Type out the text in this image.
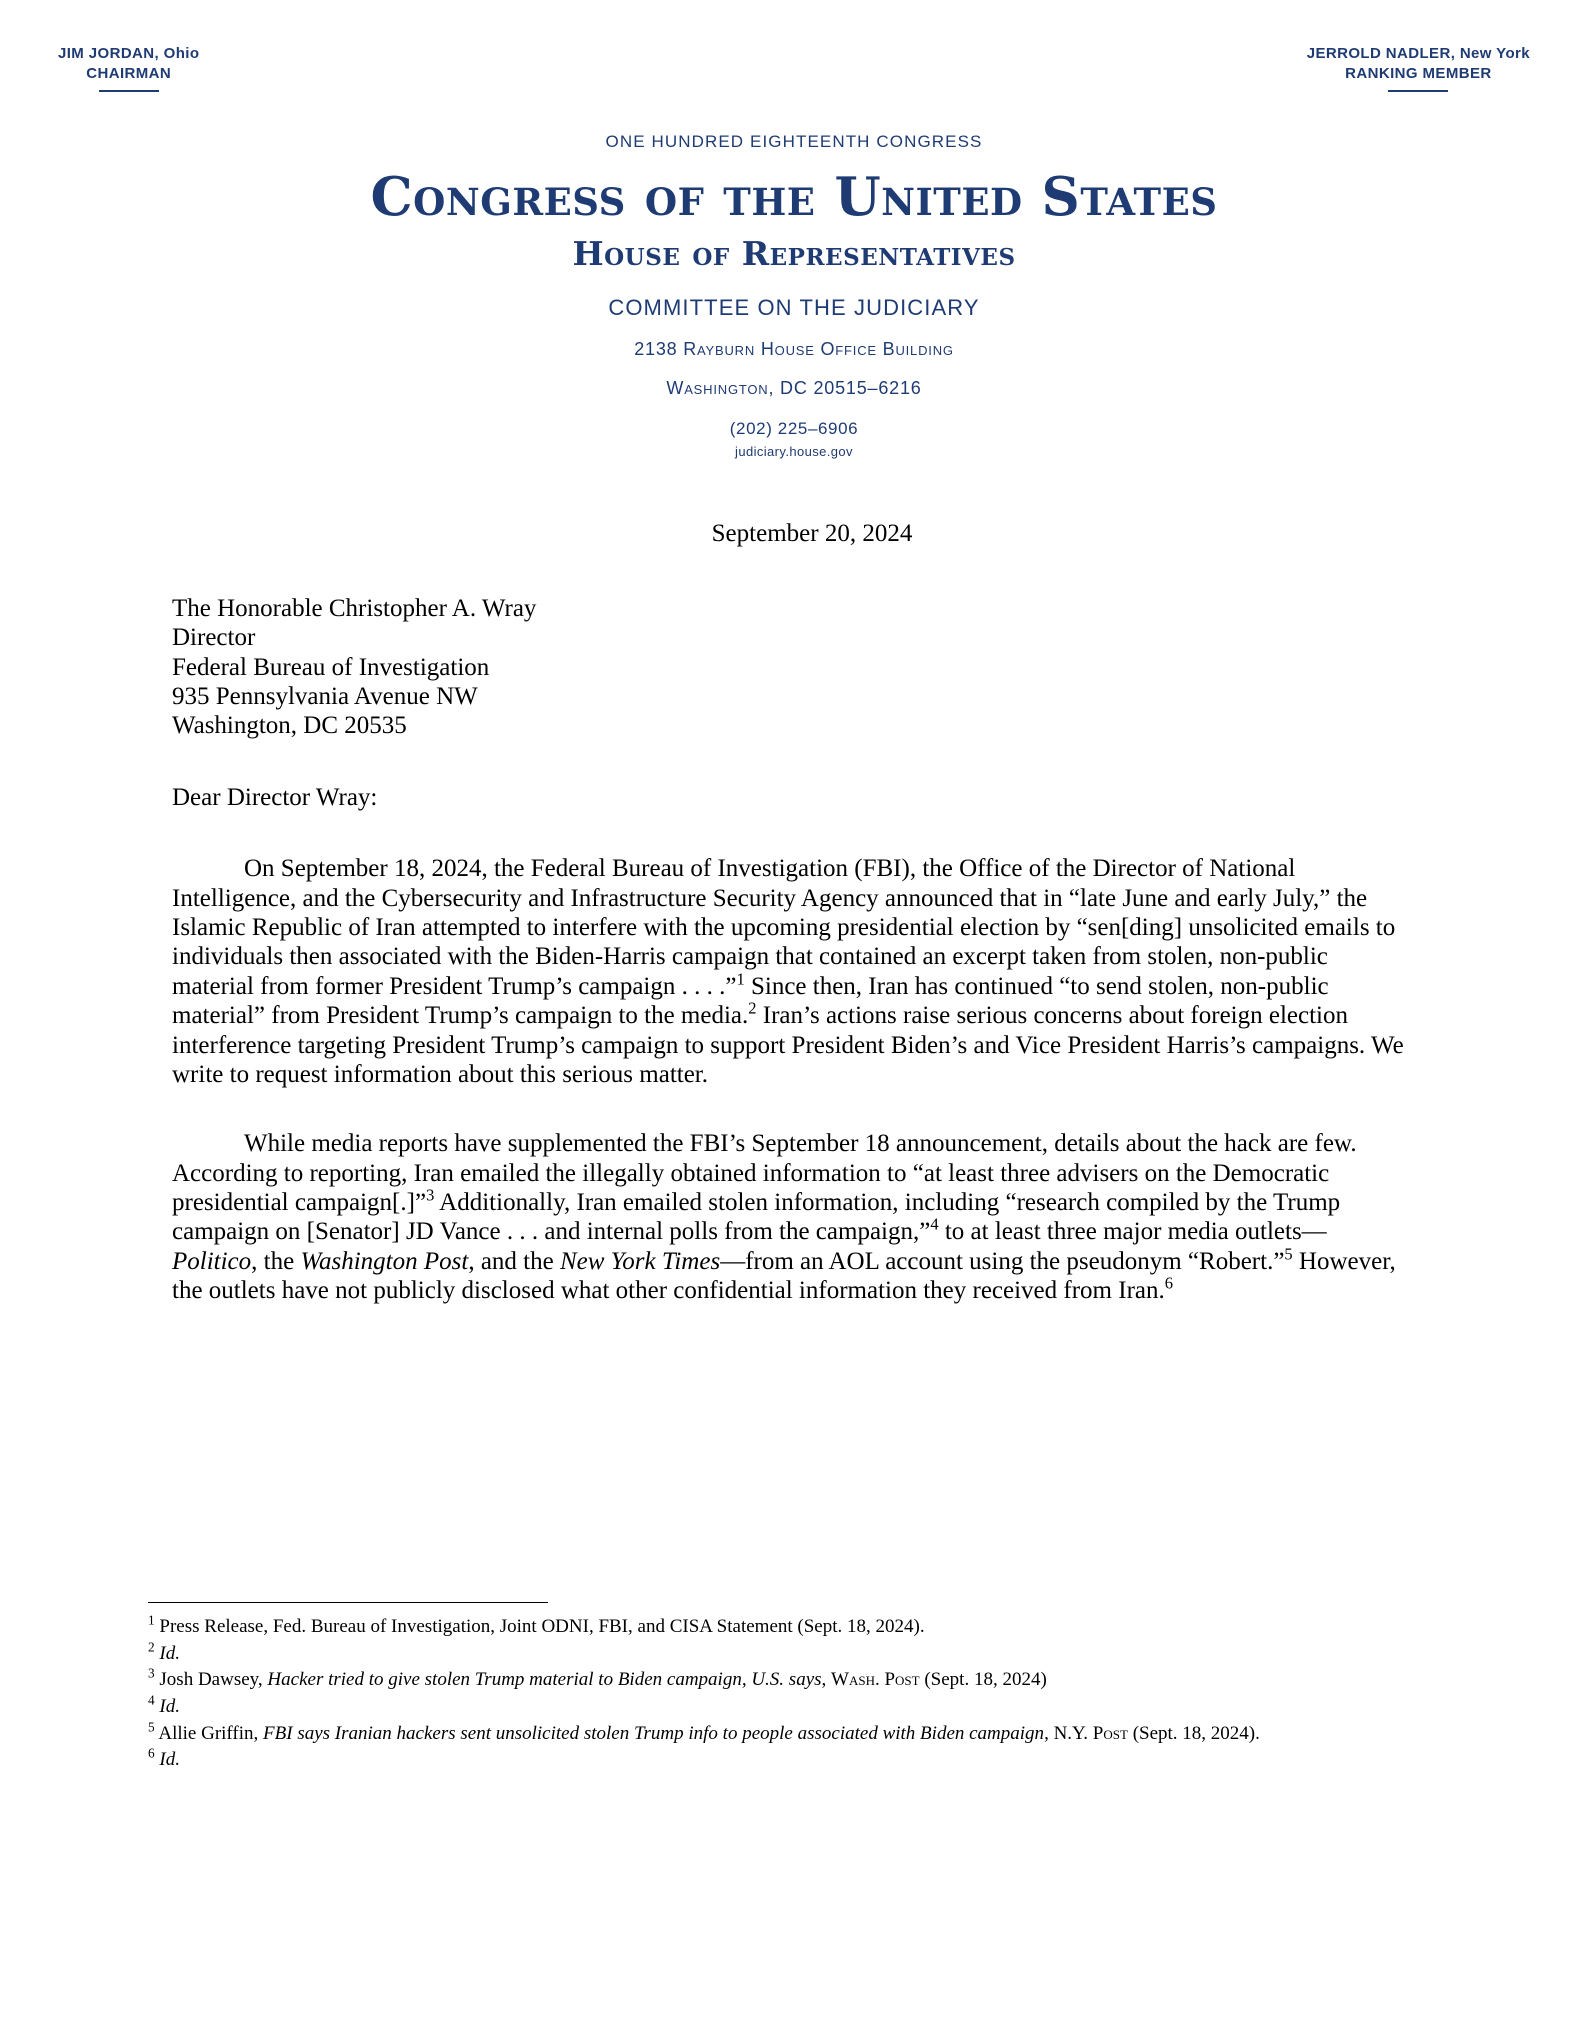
JIM JORDAN, Ohio
CHAIRMAN
JERROLD NADLER, New York
RANKING MEMBER
ONE HUNDRED EIGHTEENTH CONGRESS
Congress of the United States
House of Representatives
COMMITTEE ON THE JUDICIARY
2138 Rayburn House Office Building
Washington, DC 20515–6216
(202) 225–6906
judiciary.house.gov
September 20, 2024
The Honorable Christopher A. Wray
Director
Federal Bureau of Investigation
935 Pennsylvania Avenue NW
Washington, DC 20535
Dear Director Wray:

On September 18, 2024, the Federal Bureau of Investigation (FBI), the Office of the Director of National Intelligence, and the Cybersecurity and Infrastructure Security Agency announced that in “late June and early July,” the Islamic Republic of Iran attempted to interfere with the upcoming presidential election by “sen[ding] unsolicited emails to individuals then associated with the Biden-Harris campaign that contained an excerpt taken from stolen, non-public material from former President Trump’s campaign . . . .”$^1$ Since then, Iran has continued “to send stolen, non-public material” from President Trump’s campaign to the media.$^2$ Iran’s actions raise serious concerns about foreign election interference targeting President Trump’s campaign to support President Biden’s and Vice President Harris’s campaigns. We write to request information about this serious matter.

While media reports have supplemented the FBI’s September 18 announcement, details about the hack are few. According to reporting, Iran emailed the illegally obtained information to “at least three advisers on the Democratic presidential campaign[.]”$^3$ Additionally, Iran emailed stolen information, including “research compiled by the Trump campaign on [Senator] JD Vance . . . and internal polls from the campaign,”$^4$ to at least three major media outlets—Politico, the Washington Post, and the New York Times—from an AOL account using the pseudonym “Robert.”$^5$ However, the outlets have not publicly disclosed what other confidential information they received from Iran.$^6$

$^1$ Press Release, Fed. Bureau of Investigation, Joint ODNI, FBI, and CISA Statement (Sept. 18, 2024).
$^2$ Id.
$^3$ Josh Dawsey, Hacker tried to give stolen Trump material to Biden campaign, U.S. says, Wash. Post (Sept. 18, 2024)
$^4$ Id.
$^5$ Allie Griffin, FBI says Iranian hackers sent unsolicited stolen Trump info to people associated with Biden campaign, N.Y. Post (Sept. 18, 2024).
$^6$ Id.
